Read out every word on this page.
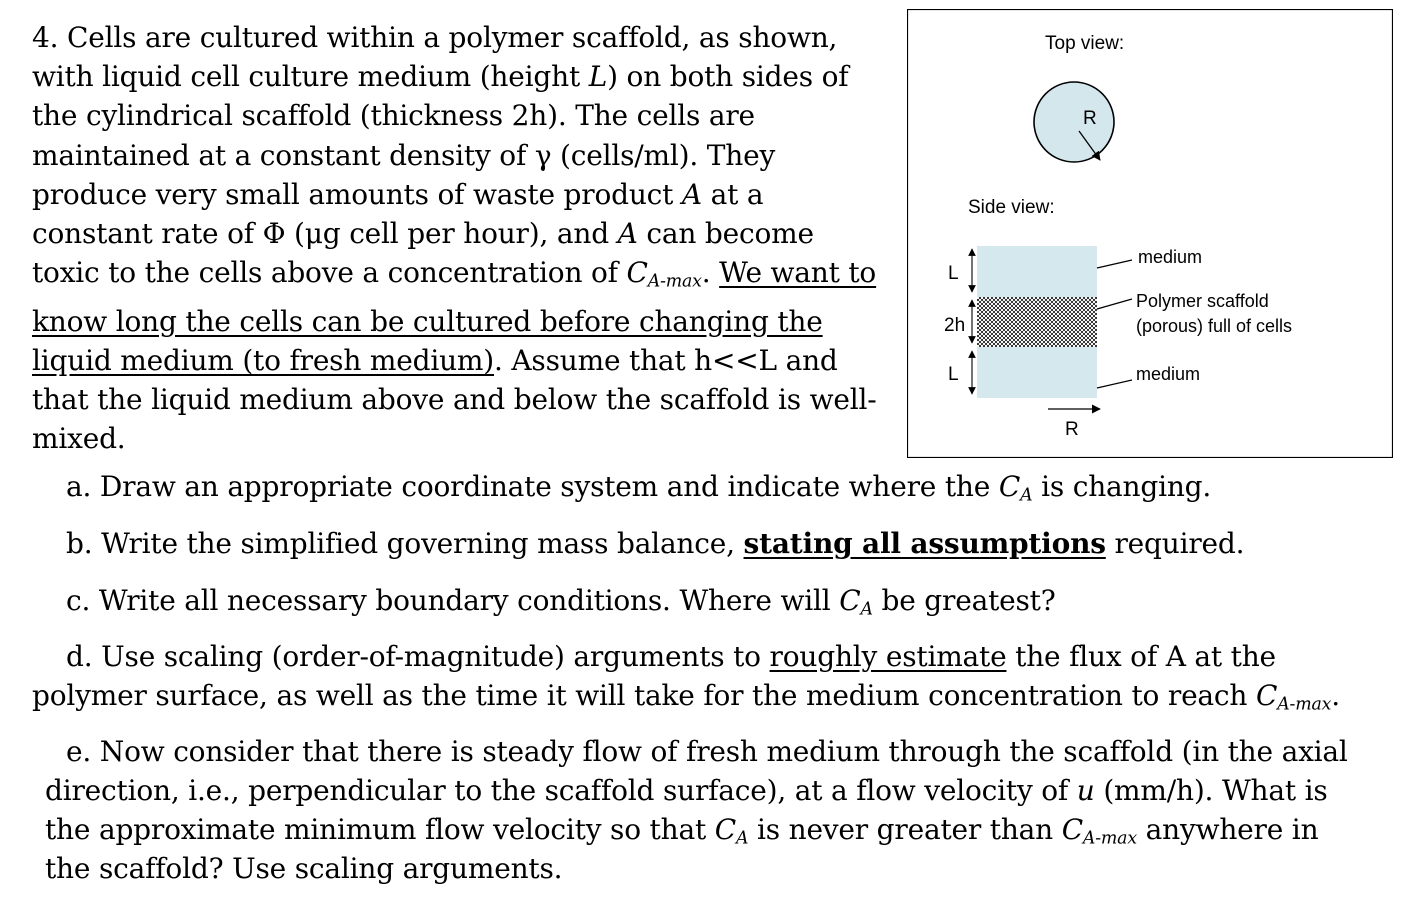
4. Cells are cultured within a polymer scaffold, as shown,
with liquid cell culture medium (height L) on both sides of
the cylindrical scaffold (thickness 2h). The cells are
maintained at a constant density of γ (cells/ml). They
produce very small amounts of waste product A at a
constant rate of Φ (μg cell per hour), and A can become
toxic to the cells above a concentration of $C_{A-max}$. We want to
know long the cells can be cultured before changing the
liquid medium (to fresh medium). Assume that h<<L and
that the liquid medium above and below the scaffold is well-
mixed.
a. Draw an appropriate coordinate system and indicate where the $C_A$ is changing.
b. Write the simplified governing mass balance, stating all assumptions required.
c. Write all necessary boundary conditions. Where will $C_A$ be greatest?
d. Use scaling (order-of-magnitude) arguments to roughly estimate the flux of A at the
polymer surface, as well as the time it will take for the medium concentration to reach $C_{A-max}$.
e. Now consider that there is steady flow of fresh medium through the scaffold (in the axial
direction, i.e., perpendicular to the scaffold surface), at a flow velocity of u (mm/h). What is
the approximate minimum flow velocity so that $C_A$ is never greater than $C_{A-max}$ anywhere in
the scaffold? Use scaling arguments.
Top view:
R
Side view:
L
2h
L
medium
Polymer scaffold
(porous) full of cells
medium
R
